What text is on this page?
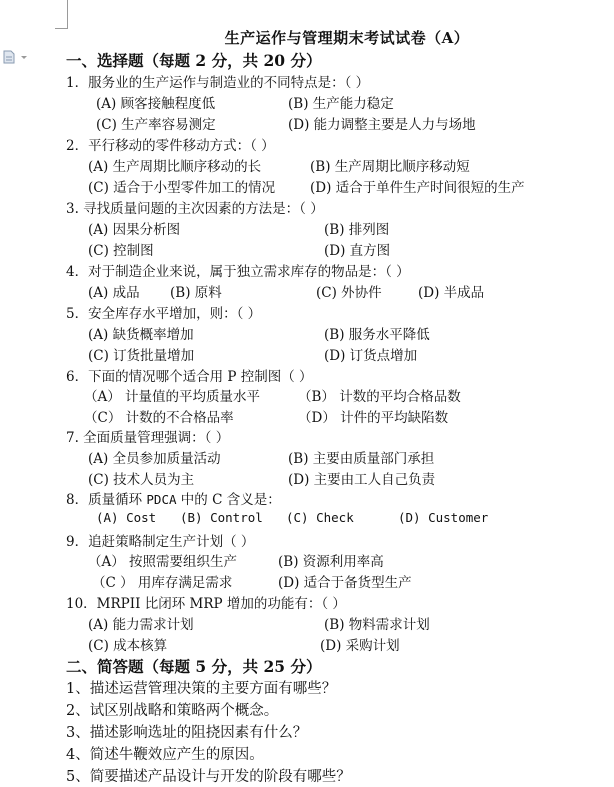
生产运作与管理期末考试试卷（A）
一、选择题（每题 2 分，共 20 分）
1．服务业的生产运作与制造业的不同特点是：（ ）
(A) 顾客接触程度低	(B) 生产能力稳定
(C) 生产率容易测定	(D) 能力调整主要是人力与场地
2．平行移动的零件移动方式：（ ）
(A) 生产周期比顺序移动的长	(B) 生产周期比顺序移动短
(C) 适合于小型零件加工的情况	(D) 适合于单件生产时间很短的生产
3. 寻找质量问题的主次因素的方法是：（ ）
(A) 因果分析图	(B) 排列图
(C) 控制图	(D) 直方图
4．对于制造企业来说，属于独立需求库存的物品是：（ ）
(A) 成品 (B) 原料	(C) 外协件	(D) 半成品
5．安全库存水平增加，则：（ ）
(A) 缺货概率增加	(B) 服务水平降低
(C) 订货批量增加	(D) 订货点增加
6．下面的情况哪个适合用 P 控制图（ ）
（A） 计量值的平均质量水平	（B） 计数的平均合格品数
（C） 计数的不合格品率	（D） 计件的平均缺陷数
7. 全面质量管理强调：（ ）
(A) 全员参加质量活动	(B) 主要由质量部门承担
(C) 技术人员为主	(D) 主要由工人自己负责
8．质量循环 PDCA 中的 C 含义是：
(A) Cost (B) Control (C) Check	(D) Customer
9．追赶策略制定生产计划（ ）
（A） 按照需要组织生产	(B) 资源利用率高
（C ） 用库存满足需求	(D) 适合于备货型生产
10．MRPII 比闭环 MRP 增加的功能有：（ ）
(A) 能力需求计划	(B) 物料需求计划
(C) 成本核算	(D) 采购计划
二、简答题（每题 5 分，共 25 分）
1、描述运营管理决策的主要方面有哪些？
2、试区别战略和策略两个概念。
3、描述影响选址的阻挠因素有什么？
4、简述牛鞭效应产生的原因。
5、简要描述产品设计与开发的阶段有哪些？
